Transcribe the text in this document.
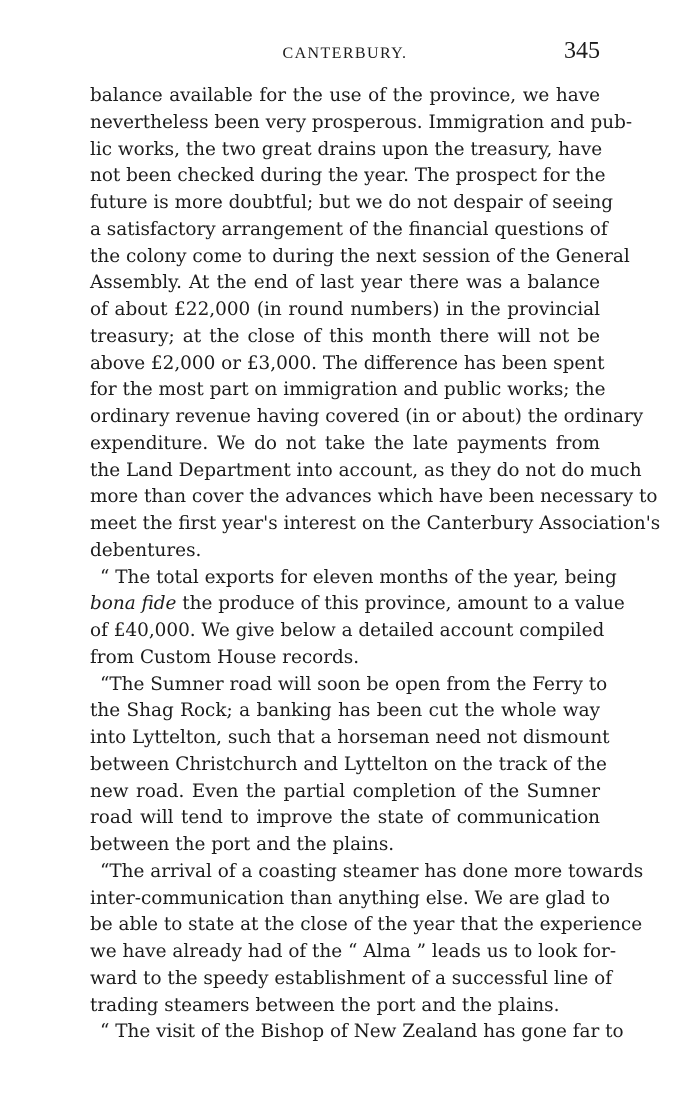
CANTERBURY.	345
balance available for the use of the province, we have
nevertheless been very prosperous. Immigration and pub-
lic works, the two great drains upon the treasury, have
not been checked during the year. The prospect for the
future is more doubtful; but we do not despair of seeing
a satisfactory arrangement of the financial questions of
the colony come to during the next session of the General
Assembly. At the end of last year there was a balance
of about £22,000 (in round numbers) in the provincial
treasury; at the close of this month there will not be
above £2,000 or £3,000. The difference has been spent
for the most part on immigration and public works; the
ordinary revenue having covered (in or about) the ordinary
expenditure. We do not take the late payments from
the Land Department into account, as they do not do much
more than cover the advances which have been necessary to
meet the first year's interest on the Canterbury Association's
debentures.
“ The total exports for eleven months of the year, being
bona fide the produce of this province, amount to a value
of £40,000. We give below a detailed account compiled
from Custom House records.
“The Sumner road will soon be open from the Ferry to
the Shag Rock; a banking has been cut the whole way
into Lyttelton, such that a horseman need not dismount
between Christchurch and Lyttelton on the track of the
new road. Even the partial completion of the Sumner
road will tend to improve the state of communication
between the port and the plains.
“The arrival of a coasting steamer has done more towards
inter-communication than anything else. We are glad to
be able to state at the close of the year that the experience
we have already had of the “ Alma ” leads us to look for-
ward to the speedy establishment of a successful line of
trading steamers between the port and the plains.
“ The visit of the Bishop of New Zealand has gone far to
